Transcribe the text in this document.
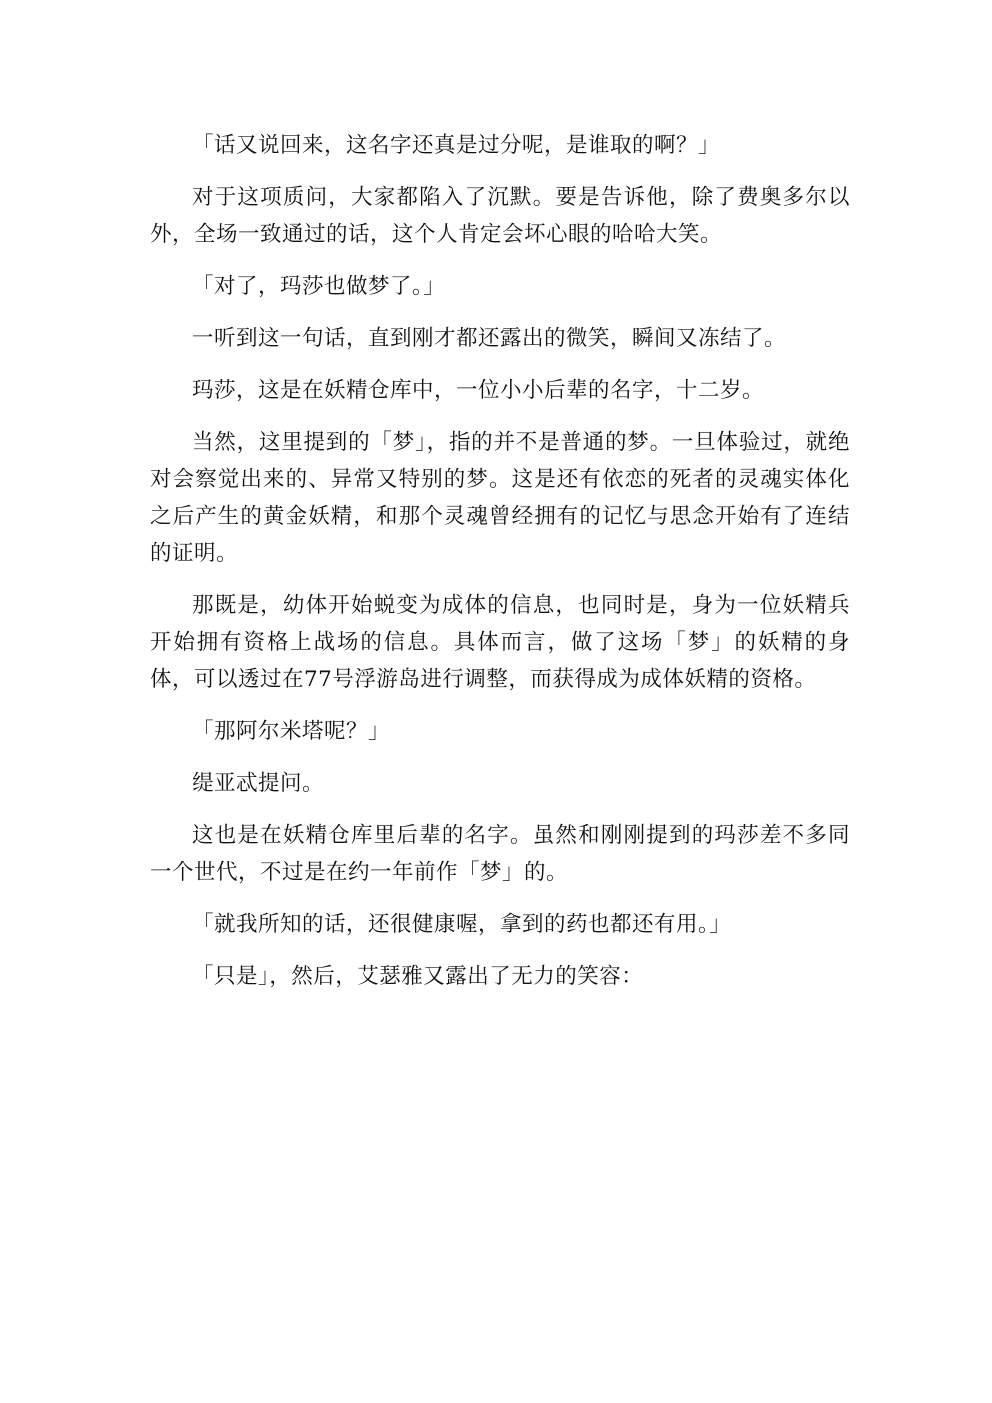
「话又说回来，这名字还真是过分呢，是谁取的啊？」

对于这项质问，大家都陷入了沉默。要是告诉他，除了费奥多尔以外，全场一致通过的话，这个人肯定会坏心眼的哈哈大笑。

「对了，玛莎也做梦了。」

一听到这一句话，直到刚才都还露出的微笑，瞬间又冻结了。

玛莎，这是在妖精仓库中，一位小小后辈的名字，十二岁。

当然，这里提到的「梦」，指的并不是普通的梦。一旦体验过，就绝对会察觉出来的、异常又特别的梦。这是还有依恋的死者的灵魂实体化之后产生的黄金妖精，和那个灵魂曾经拥有的记忆与思念开始有了连结的证明。

那既是，幼体开始蜕变为成体的信息，也同时是，身为一位妖精兵开始拥有资格上战场的信息。具体而言，做了这场「梦」的妖精的身体，可以透过在77号浮游岛进行调整，而获得成为成体妖精的资格。

「那阿尔米塔呢？」

缇亚忒提问。

这也是在妖精仓库里后辈的名字。虽然和刚刚提到的玛莎差不多同一个世代，不过是在约一年前作「梦」的。

「就我所知的话，还很健康喔，拿到的药也都还有用。」

「只是」，然后，艾瑟雅又露出了无力的笑容：
